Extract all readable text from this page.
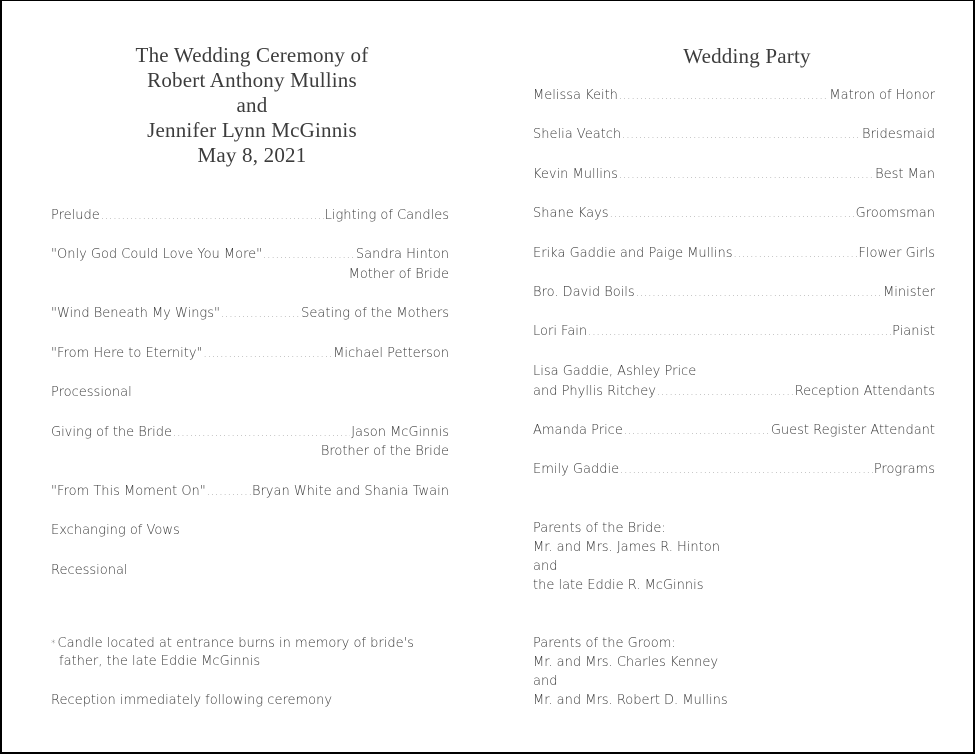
The Wedding Ceremony of
Robert Anthony Mullins
and
Jennifer Lynn McGinnis
May 8, 2021
Prelude .....	Lighting of Candles
"Only God Could Love You More" .....	Sandra Hinton
Mother of Bride
"Wind Beneath My Wings" .....	Seating of the Mothers
"From Here to Eternity" .....	Michael Petterson
Processional
Giving of the Bride .....	Jason McGinnis
Brother of the Bride
"From This Moment On" .....	Bryan White and Shania Twain
Exchanging of Vows
Recessional
* Candle located at entrance burns in memory of bride's
father, the late Eddie McGinnis
Reception immediately following ceremony
Wedding Party
Melissa Keith .....	Matron of Honor
Shelia Veatch .....	Bridesmaid
Kevin Mullins .....	Best Man
Shane Kays .....	Groomsman
Erika Gaddie and Paige Mullins .....	Flower Girls
Bro. David Boils .....	Minister
Lori Fain .....	Pianist
Lisa Gaddie, Ashley Price
and Phyllis Ritchey .....	Reception Attendants
Amanda Price .....	Guest Register Attendant
Emily Gaddie .....	Programs
Parents of the Bride:
Mr. and Mrs. James R. Hinton
and
the late Eddie R. McGinnis
Parents of the Groom:
Mr. and Mrs. Charles Kenney
and
Mr. and Mrs. Robert D. Mullins
